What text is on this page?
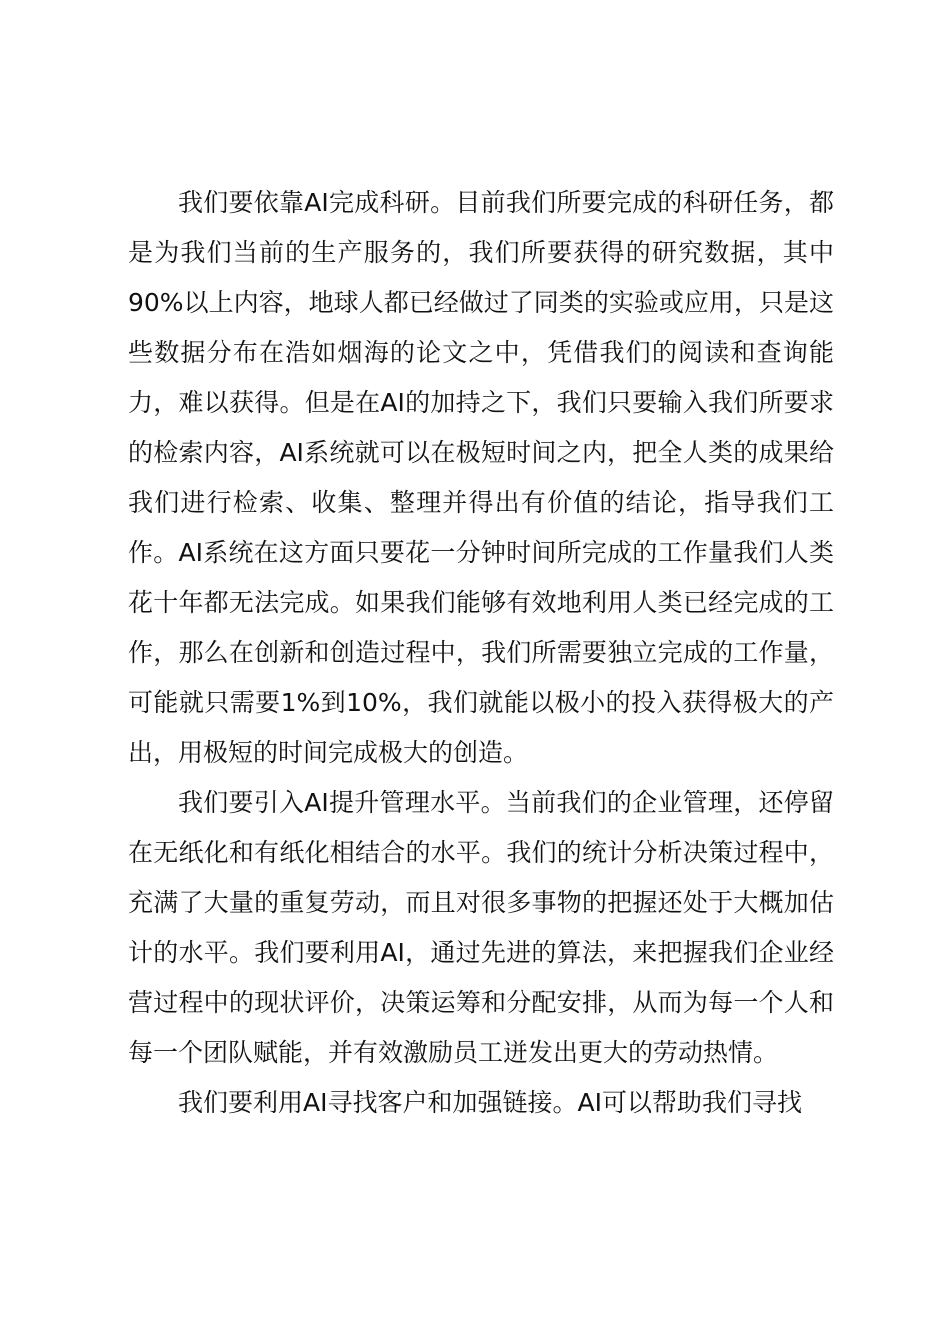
我们要依靠AI完成科研。目前我们所要完成的科研任务，都是为我们当前的生产服务的，我们所要获得的研究数据，其中90%以上内容，地球人都已经做过了同类的实验或应用，只是这些数据分布在浩如烟海的论文之中，凭借我们的阅读和查询能力，难以获得。但是在AI的加持之下，我们只要输入我们所要求的检索内容，AI系统就可以在极短时间之内，把全人类的成果给我们进行检索、收集、整理并得出有价值的结论，指导我们工作。AI系统在这方面只要花一分钟时间所完成的工作量我们人类花十年都无法完成。如果我们能够有效地利用人类已经完成的工作，那么在创新和创造过程中，我们所需要独立完成的工作量，可能就只需要1%到10%，我们就能以极小的投入获得极大的产出，用极短的时间完成极大的创造。

我们要引入AI提升管理水平。当前我们的企业管理，还停留在无纸化和有纸化相结合的水平。我们的统计分析决策过程中，充满了大量的重复劳动，而且对很多事物的把握还处于大概加估计的水平。我们要利用AI，通过先进的算法，来把握我们企业经营过程中的现状评价，决策运筹和分配安排，从而为每一个人和每一个团队赋能，并有效激励员工迸发出更大的劳动热情。

我们要利用AI寻找客户和加强链接。AI可以帮助我们寻找
